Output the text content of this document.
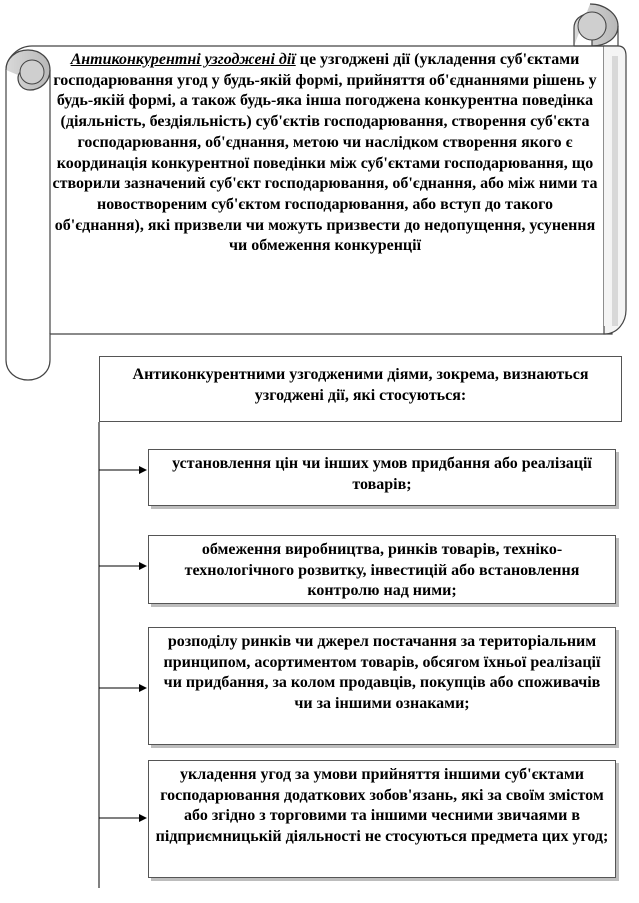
Антиконкурентні узгоджені дії це узгоджені дії (укладення суб'єктами господарювання угод у будь-якій формі, прийняття об'єднаннями рішень у будь-якій формі, а також будь-яка інша погоджена конкурентна поведінка (діяльність, бездіяльність) суб'єктів господарювання, створення суб'єкта господарювання, об'єднання, метою чи наслідком створення якого є координація конкурентної поведінки між суб'єктами господарювання, що створили зазначений суб'єкт господарювання, об'єднання, або між ними та новоствореним суб'єктом господарювання, або вступ до такого об'єднання), які призвели чи можуть призвести до недопущення, усунення чи обмеження конкуренції
Антиконкурентними узгодженими діями, зокрема, визнаються узгоджені дії, які стосуються:
установлення цін чи інших умов придбання або реалізації товарів;
обмеження виробництва, ринків товарів, техніко-технологічного розвитку, інвестицій або встановлення контролю над ними;
розподілу ринків чи джерел постачання за територіальним принципом, асортиментом товарів, обсягом їхньої реалізації чи придбання, за колом продавців, покупців або споживачів чи за іншими ознаками;
укладення угод за умови прийняття іншими суб'єктами господарювання додаткових зобов'язань, які за своїм змістом або згідно з торговими та іншими чесними звичаями в підприємницькій діяльності не стосуються предмета цих угод;
